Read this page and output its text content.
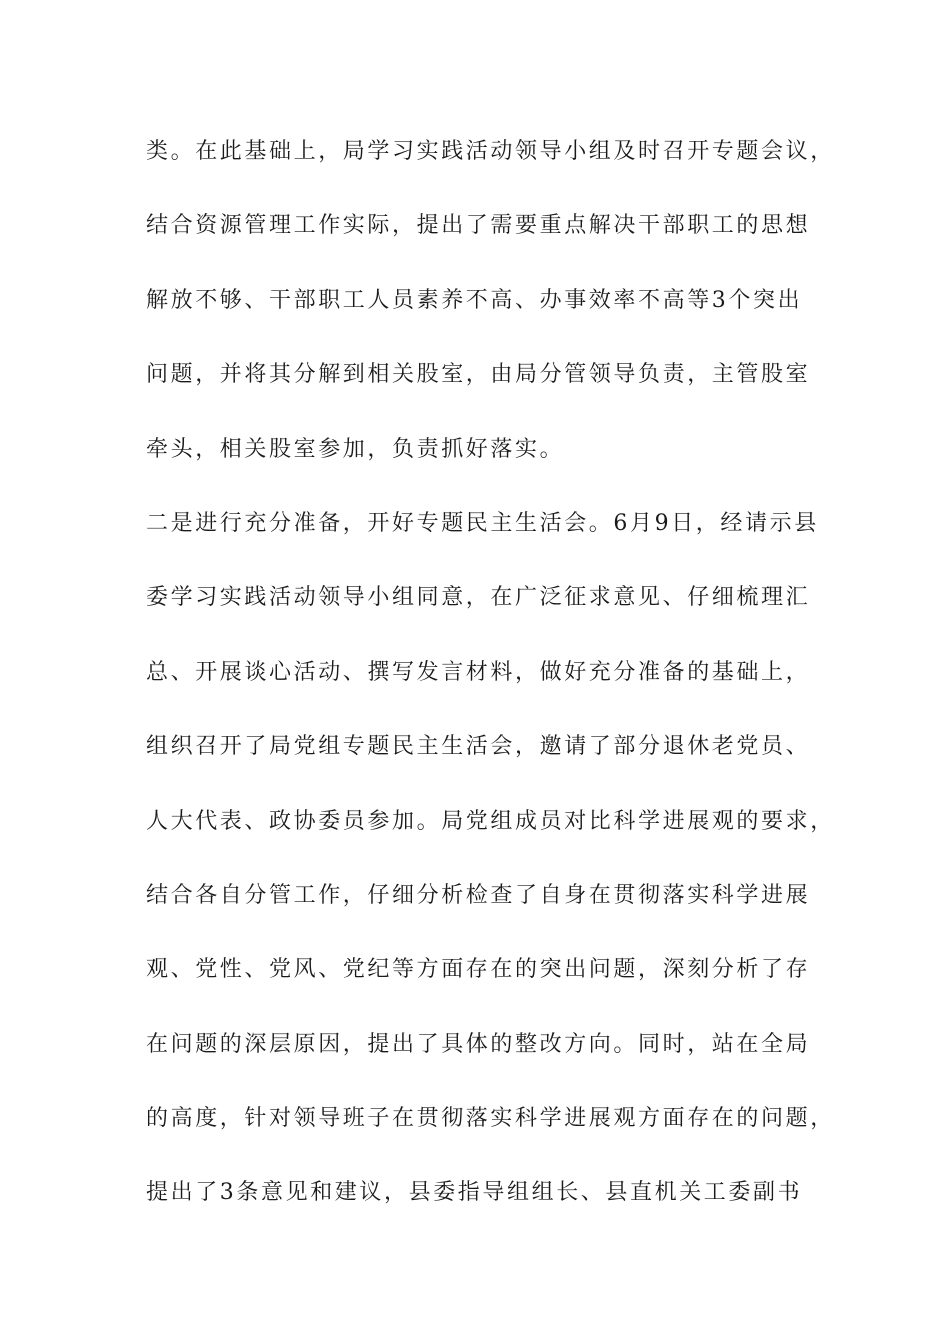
类。在此基础上，局学习实践活动领导小组及时召开专题会议，
结合资源管理工作实际，提出了需要重点解决干部职工的思想
解放不够、干部职工人员素养不高、办事效率不高等3个突出
问题，并将其分解到相关股室，由局分管领导负责，主管股室
牵头，相关股室参加，负责抓好落实。
二是进行充分准备，开好专题民主生活会。6月9日，经请示县
委学习实践活动领导小组同意，在广泛征求意见、仔细梳理汇
总、开展谈心活动、撰写发言材料，做好充分准备的基础上，
组织召开了局党组专题民主生活会，邀请了部分退休老党员、
人大代表、政协委员参加。局党组成员对比科学进展观的要求，
结合各自分管工作，仔细分析检查了自身在贯彻落实科学进展
观、党性、党风、党纪等方面存在的突出问题，深刻分析了存
在问题的深层原因，提出了具体的整改方向。同时，站在全局
的高度，针对领导班子在贯彻落实科学进展观方面存在的问题，
提出了3条意见和建议，县委指导组组长、县直机关工委副书
